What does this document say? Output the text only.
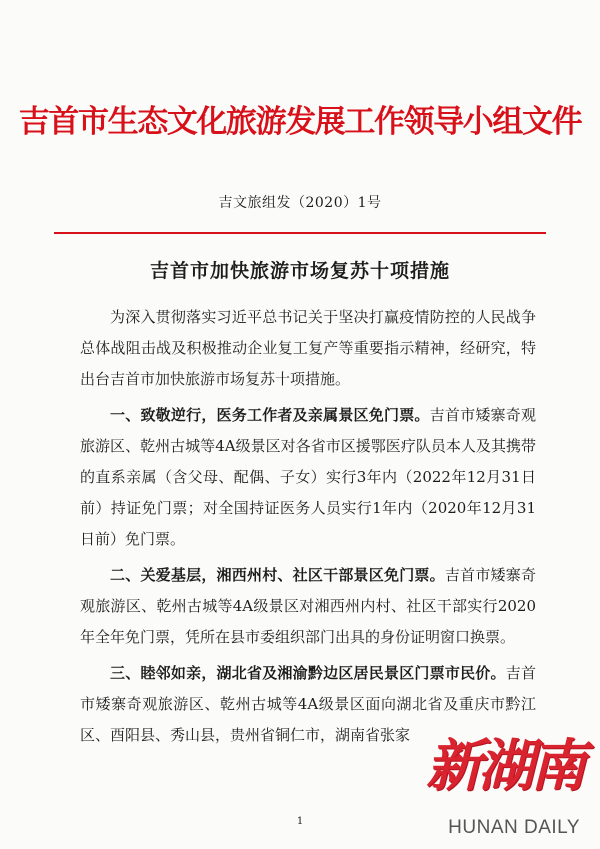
吉首市生态文化旅游发展工作领导小组文件
吉文旅组发（2020）1号
吉首市加快旅游市场复苏十项措施

为深入贯彻落实习近平总书记关于坚决打赢疫情防控的人民战争总体战阻击战及积极推动企业复工复产等重要指示精神，经研究，特出台吉首市加快旅游市场复苏十项措施。

一、致敬逆行，医务工作者及亲属景区免门票。吉首市矮寨奇观旅游区、乾州古城等4A级景区对各省市区援鄂医疗队员本人及其携带的直系亲属（含父母、配偶、子女）实行3年内（2022年12月31日前）持证免门票；对全国持证医务人员实行1年内（2020年12月31日前）免门票。

二、关爱基层，湘西州村、社区干部景区免门票。吉首市矮寨奇观旅游区、乾州古城等4A级景区对湘西州内村、社区干部实行2020年全年免门票，凭所在县市委组织部门出具的身份证明窗口换票。

三、睦邻如亲，湖北省及湘渝黔边区居民景区门票市民价。吉首市矮寨奇观旅游区、乾州古城等4A级景区面向湖北省及重庆市黔江区、酉阳县、秀山县，贵州省铜仁市，湖南省张家

1
新湖南
HUNAN DAILY
